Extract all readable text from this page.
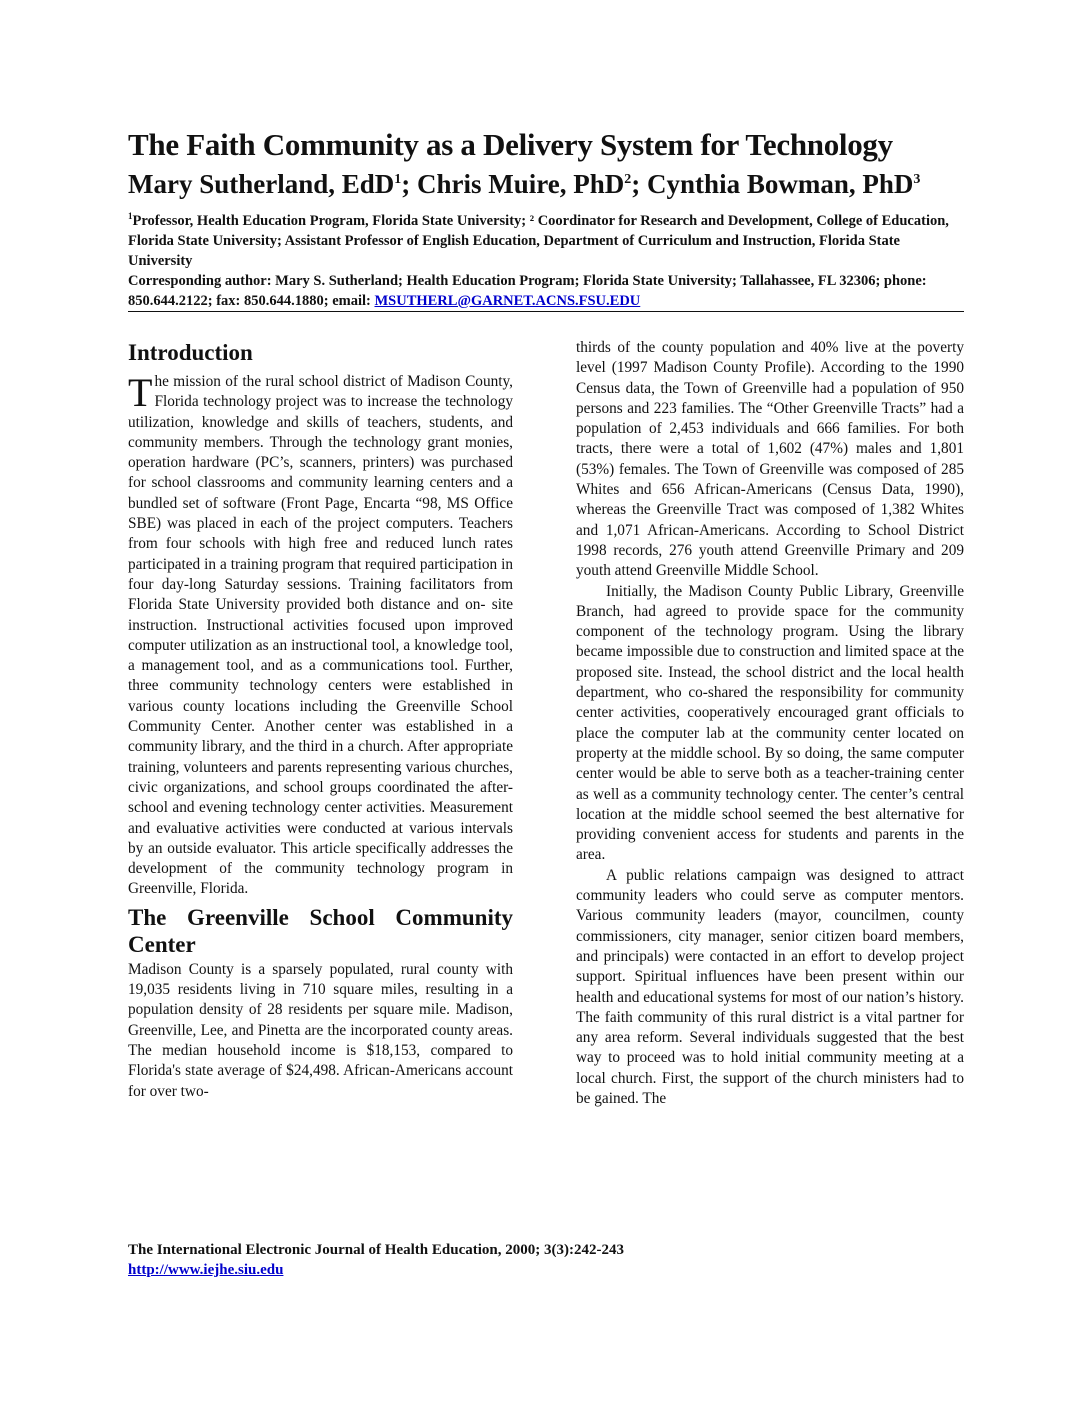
The Faith Community as a Delivery System for Technology
Mary Sutherland, EdD$^1$; Chris Muire, PhD$^2$; Cynthia Bowman, PhD$^3$
$^1$Professor, Health Education Program, Florida State University; ² Coordinator for Research and Development, College of Education, Florida State University; Assistant Professor of English Education, Department of Curriculum and Instruction, Florida State University
Corresponding author: Mary S. Sutherland; Health Education Program; Florida State University; Tallahassee, FL 32306; phone: 850.644.2122; fax: 850.644.1880; email: MSUTHERL@GARNET.ACNS.FSU.EDU
Introduction

The mission of the rural school district of Madison County, Florida technology project was to increase the technology utilization, knowledge and skills of teachers, students, and community members. Through the technology grant monies, operation hardware (PC’s, scanners, printers) was purchased for school classrooms and community learning centers and a bundled set of software (Front Page, Encarta “98, MS Office SBE) was placed in each of the project computers. Teachers from four schools with high free and reduced lunch rates participated in a training program that required participation in four day-long Saturday sessions. Training facilitators from Florida State University provided both distance and on- site instruction. Instructional activities focused upon improved computer utilization as an instructional tool, a knowledge tool, a management tool, and as a communications tool. Further, three community technology centers were established in various county locations including the Greenville School Community Center. Another center was established in a community library, and the third in a church. After appropriate training, volunteers and parents representing various churches, civic organizations, and school groups coordinated the after-school and evening technology center activities. Measurement and evaluative activities were conducted at various intervals by an outside evaluator. This article specifically addresses the development of the community technology program in Greenville, Florida.

The Greenville School Community Center

Madison County is a sparsely populated, rural county with 19,035 residents living in 710 square miles, resulting in a population density of 28 residents per square mile. Madison, Greenville, Lee, and Pinetta are the incorporated county areas. The median household income is $18,153, compared to Florida's state average of $24,498. African-Americans account for over two-

thirds of the county population and 40% live at the poverty level (1997 Madison County Profile). According to the 1990 Census data, the Town of Greenville had a population of 950 persons and 223 families. The “Other Greenville Tracts” had a population of 2,453 individuals and 666 families. For both tracts, there were a total of 1,602 (47%) males and 1,801 (53%) females. The Town of Greenville was composed of 285 Whites and 656 African-Americans (Census Data, 1990), whereas the Greenville Tract was composed of 1,382 Whites and 1,071 African-Americans. According to School District 1998 records, 276 youth attend Greenville Primary and 209 youth attend Greenville Middle School.

Initially, the Madison County Public Library, Greenville Branch, had agreed to provide space for the community component of the technology program. Using the library became impossible due to construction and limited space at the proposed site. Instead, the school district and the local health department, who co-shared the responsibility for community center activities, cooperatively encouraged grant officials to place the computer lab at the community center located on property at the middle school. By so doing, the same computer center would be able to serve both as a teacher-training center as well as a community technology center. The center’s central location at the middle school seemed the best alternative for providing convenient access for students and parents in the area.

A public relations campaign was designed to attract community leaders who could serve as computer mentors. Various community leaders (mayor, councilmen, county commissioners, city manager, senior citizen board members, and principals) were contacted in an effort to develop project support. Spiritual influences have been present within our health and educational systems for most of our nation’s history. The faith community of this rural district is a vital partner for any area reform. Several individuals suggested that the best way to proceed was to hold initial community meeting at a local church. First, the support of the church ministers had to be gained. The

The International Electronic Journal of Health Education, 2000; 3(3):242-243
http://www.iejhe.siu.edu
